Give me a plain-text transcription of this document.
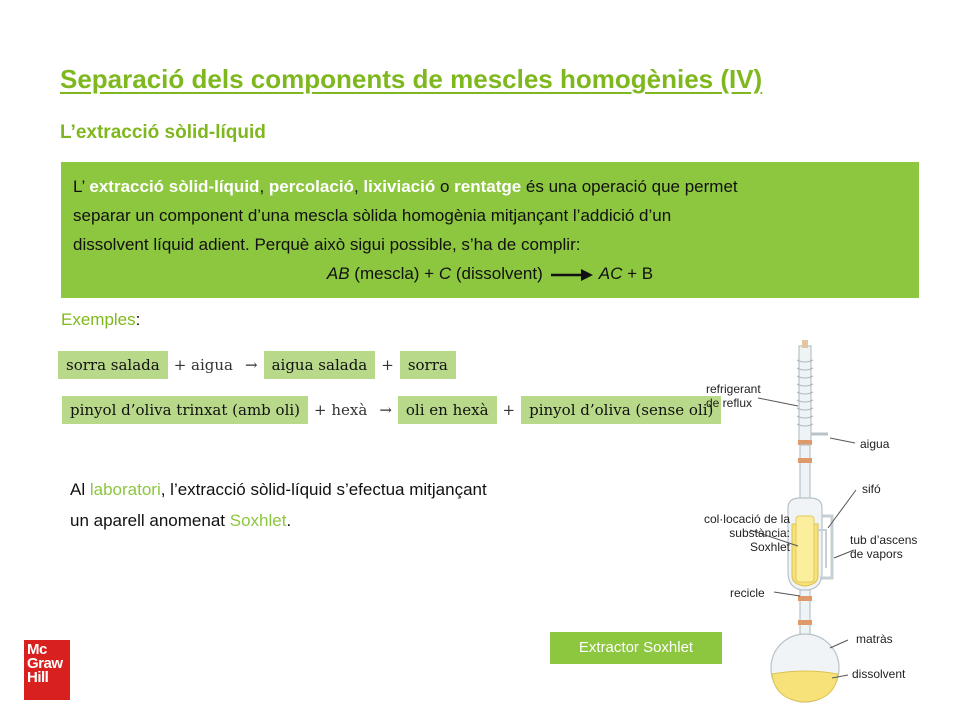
Separació dels components de mescles homogènies (IV)
L’extracció sòlid-líquid
L’ extracció sòlid-líquid, percolació, lixiviació o rentatge és una operació que permet
separar un component d’una mescla sòlida homogènia mitjançant l’addició d’un
dissolvent líquid adient. Perquè això sigui possible, s’ha de complir:
AB (mescla) + C (dissolvent) → AC + B
Exemples:
sorra salada + aigua → aigua salada + sorra
pinyol d’oliva trinxat (amb oli) + hexà → oli en hexà + pinyol d’oliva (sense oli)
Al laboratori, l’extracció sòlid-líquid s’efectua mitjançant
un aparell anomenat Soxhlet.
refrigerant
de reflux
aigua
sifó
col·locació de la
substància:
Soxhlet	tub d’ascens
de vapors
recicle
matràs
dissolvent
Extractor Soxhlet
Mc
Graw
Hill
